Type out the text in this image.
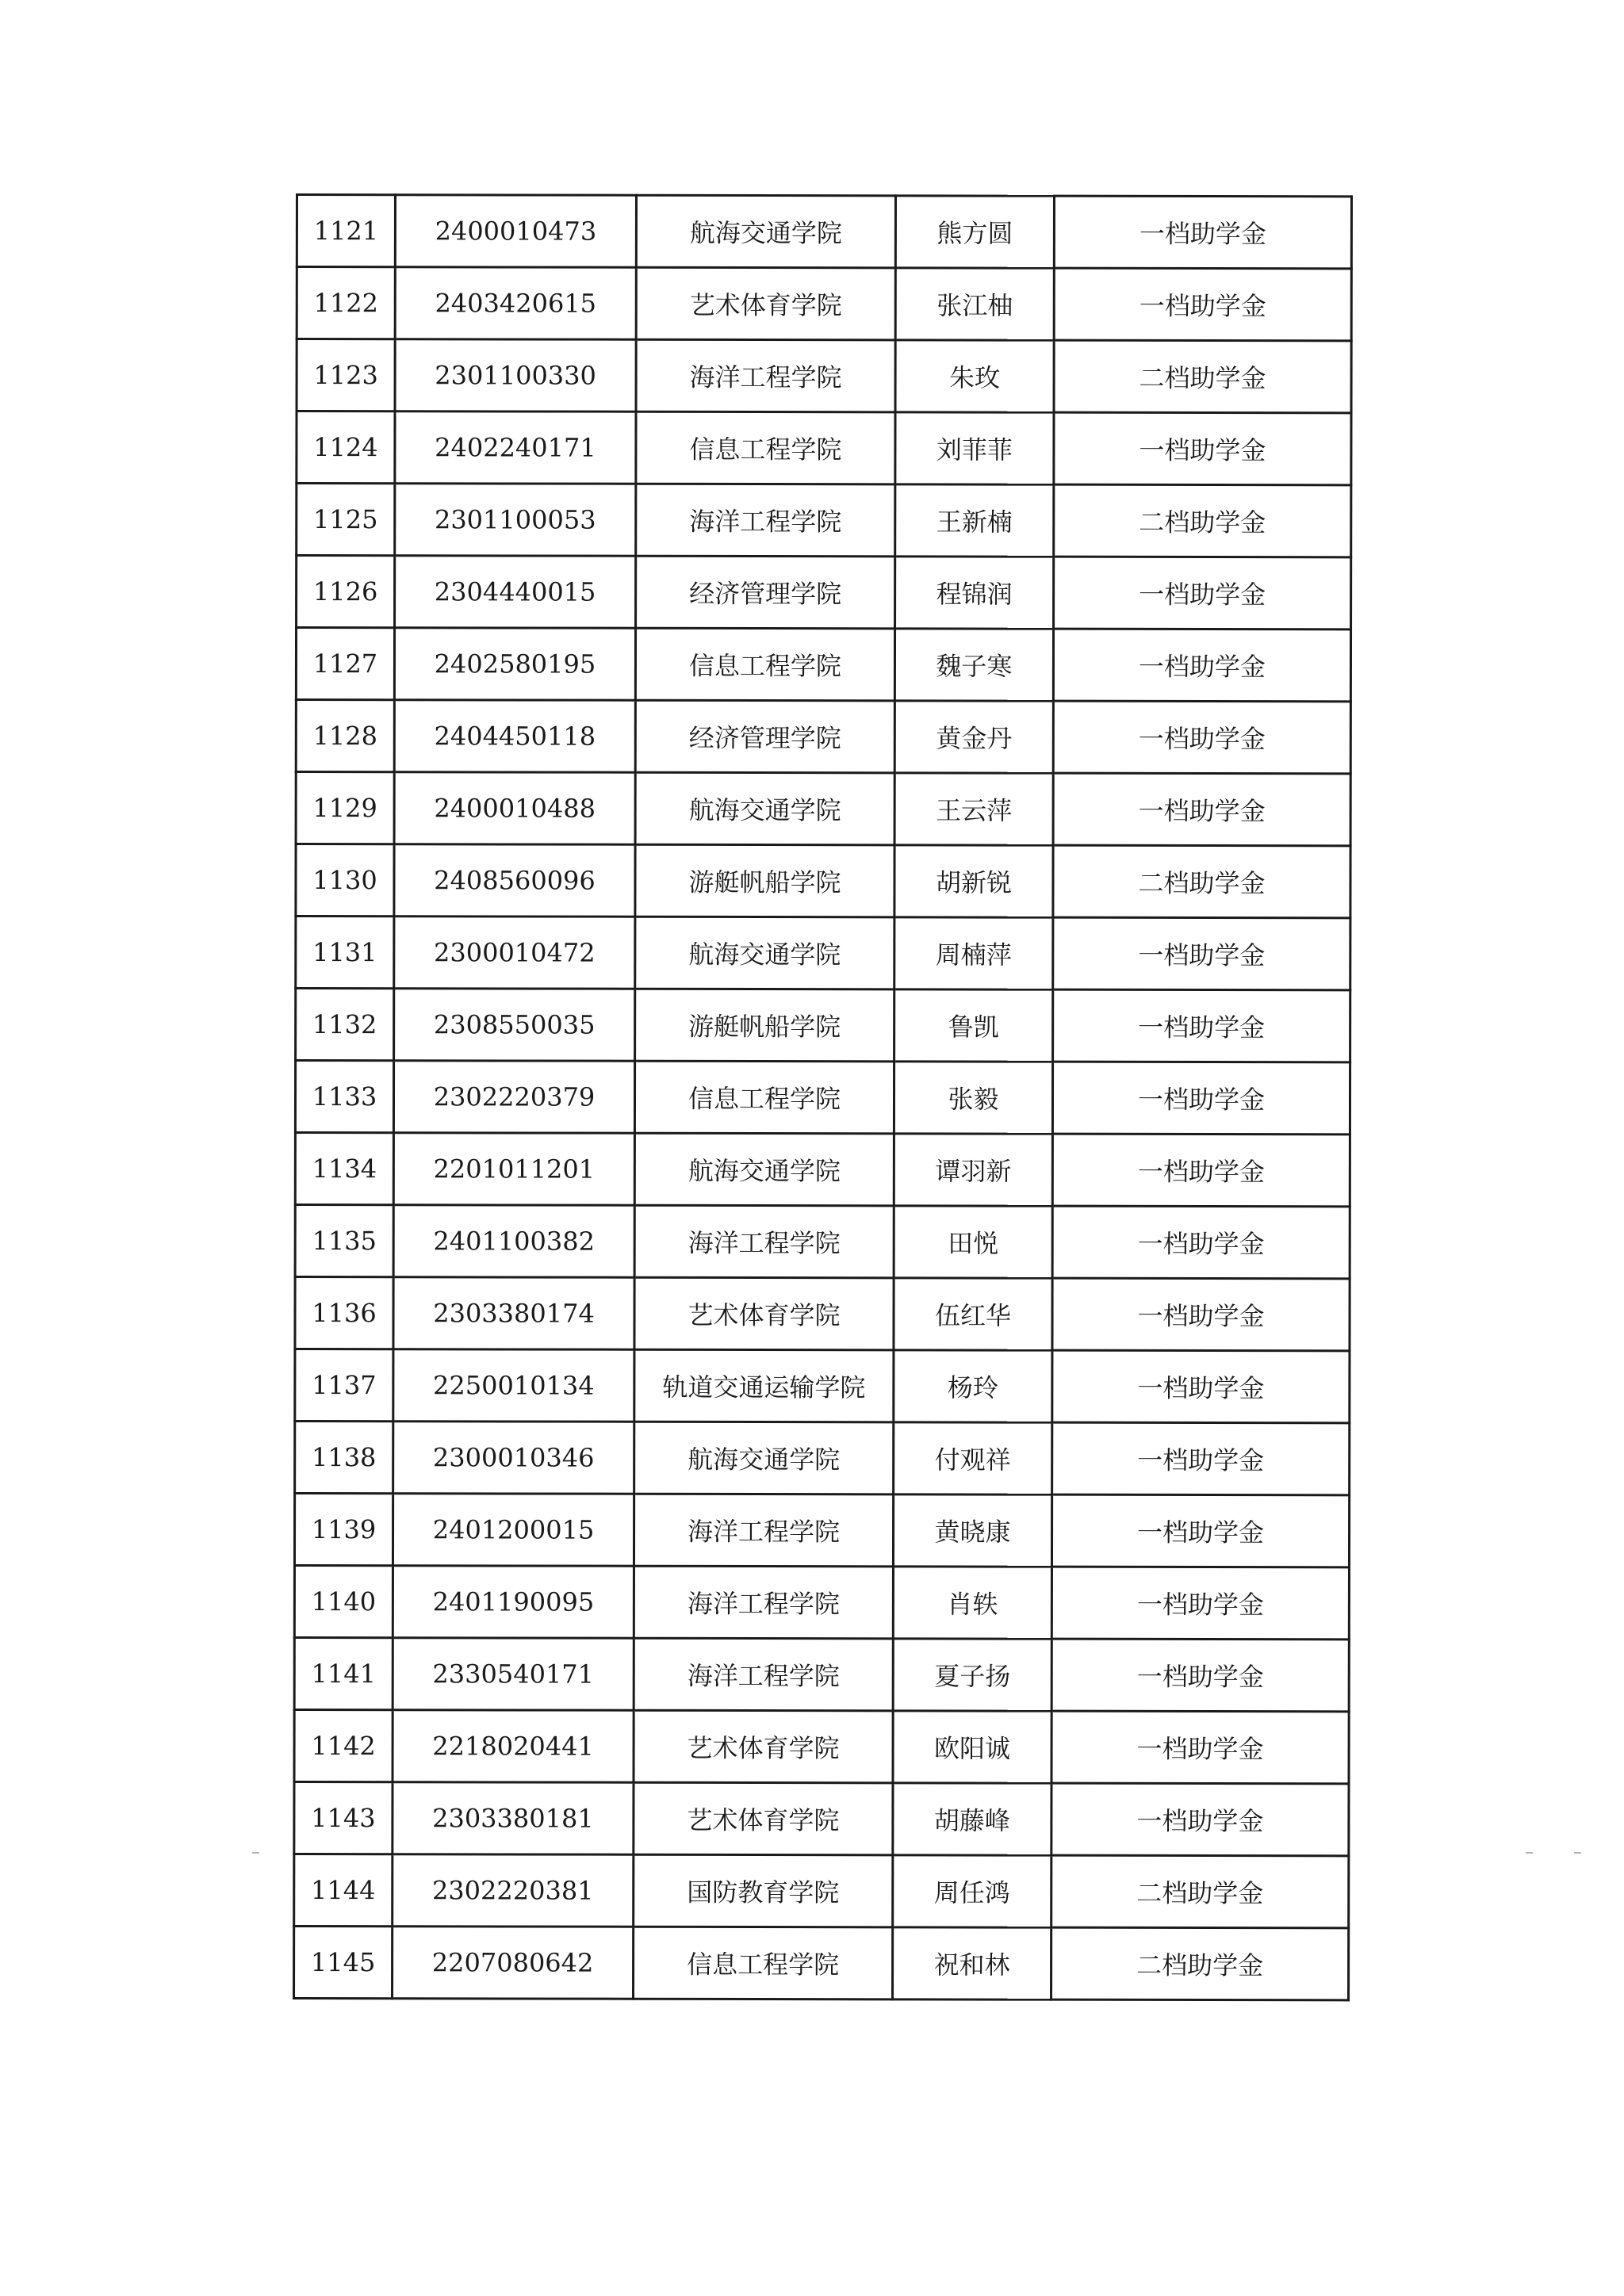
1121	2400010473	航海交通学院	熊方圆	一档助学金
1122	2403420615	艺术体育学院	张江柚	一档助学金
1123	2301100330	海洋工程学院	朱玫	二档助学金
1124	2402240171	信息工程学院	刘菲菲	一档助学金
1125	2301100053	海洋工程学院	王新楠	二档助学金
1126	2304440015	经济管理学院	程锦润	一档助学金
1127	2402580195	信息工程学院	魏子寒	一档助学金
1128	2404450118	经济管理学院	黄金丹	一档助学金
1129	2400010488	航海交通学院	王云萍	一档助学金
1130	2408560096	游艇帆船学院	胡新锐	二档助学金
1131	2300010472	航海交通学院	周楠萍	一档助学金
1132	2308550035	游艇帆船学院	鲁凯	一档助学金
1133	2302220379	信息工程学院	张毅	一档助学金
1134	2201011201	航海交通学院	谭羽新	一档助学金
1135	2401100382	海洋工程学院	田悦	一档助学金
1136	2303380174	艺术体育学院	伍红华	一档助学金
1137	2250010134	轨道交通运输学院	杨玲	一档助学金
1138	2300010346	航海交通学院	付观祥	一档助学金
1139	2401200015	海洋工程学院	黄晓康	一档助学金
1140	2401190095	海洋工程学院	肖轶	一档助学金
1141	2330540171	海洋工程学院	夏子扬	一档助学金
1142	2218020441	艺术体育学院	欧阳诚	一档助学金
1143	2303380181	艺术体育学院	胡藤峰	一档助学金
1144	2302220381	国防教育学院	周任鸿	二档助学金
1145	2207080642	信息工程学院	祝和林	二档助学金
